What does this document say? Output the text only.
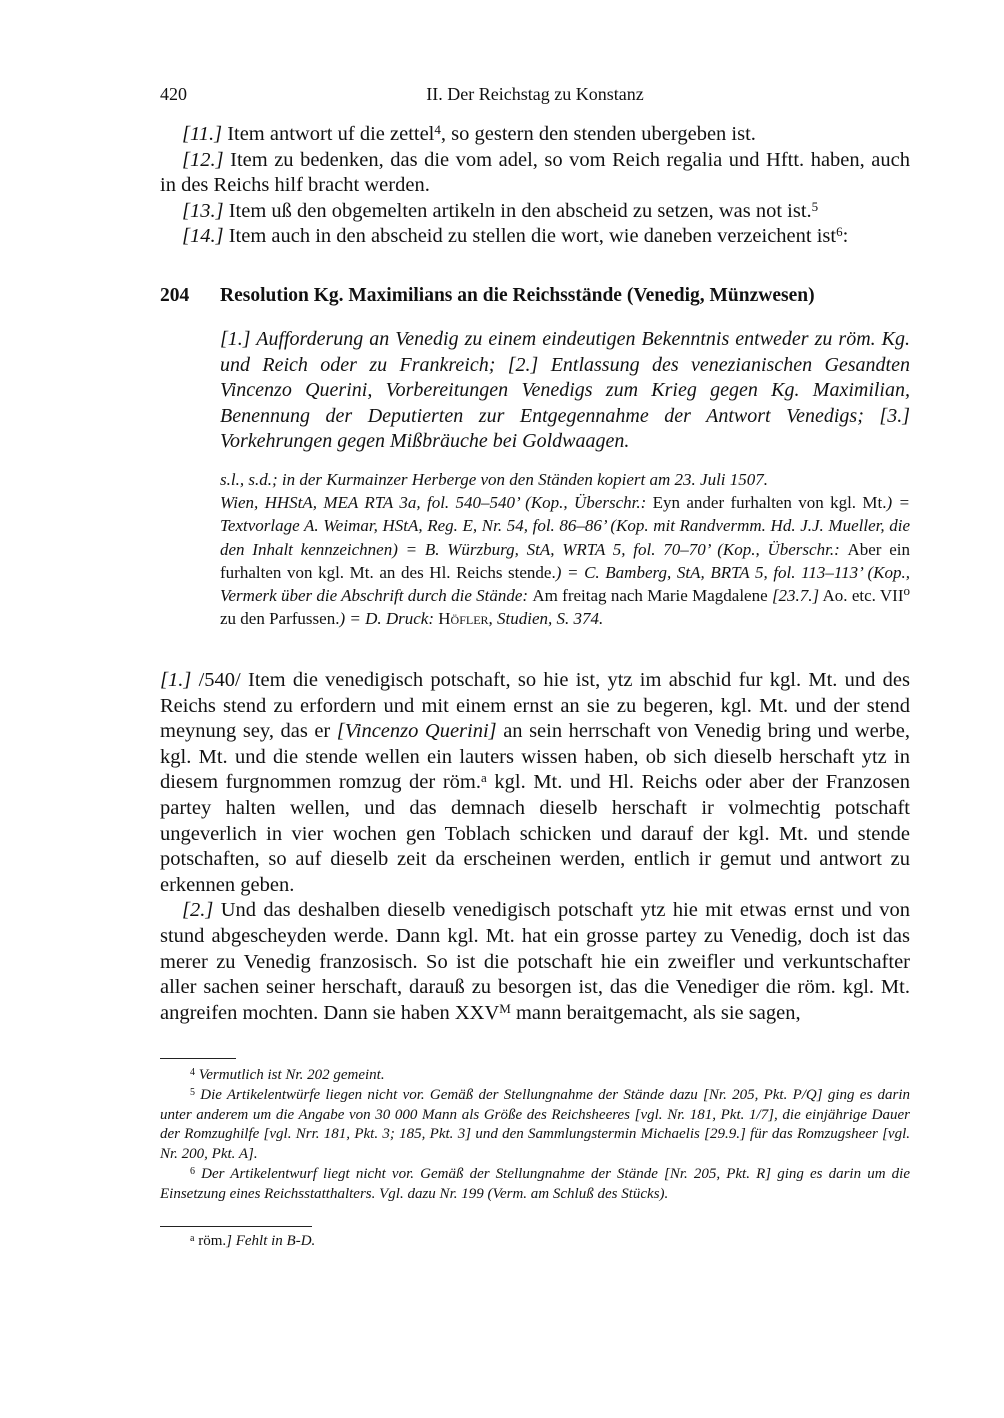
420	II. Der Reichstag zu Konstanz

[11.] Item antwort uf die zettel$^4$, so gestern den stenden ubergeben ist.

[12.] Item zu bedenken, das die vom adel, so vom Reich regalia und Hftt. haben, auch in des Reichs hilf bracht werden.

[13.] Item uß den obgemelten artikeln in den abscheid zu setzen, was not ist.$^5$

[14.] Item auch in den abscheid zu stellen die wort, wie daneben verzeichent ist$^6$:

204 Resolution Kg. Maximilians an die Reichsstände (Venedig, Münzwesen)
[1.] Aufforderung an Venedig zu einem eindeutigen Bekenntnis entweder zu röm. Kg. und Reich oder zu Frankreich; [2.] Entlassung des venezianischen Gesandten Vincenzo Querini, Vorbereitungen Venedigs zum Krieg gegen Kg. Maximilian, Benennung der Deputierten zur Entgegennahme der Antwort Venedigs; [3.] Vorkehrungen gegen Mißbräuche bei Goldwaagen.
s.l., s.d.; in der Kurmainzer Herberge von den Ständen kopiert am 23. Juli 1507.
Wien, HHStA, MEA RTA 3a, fol. 540–540’ (Kop., Überschr.: Eyn ander furhalten von kgl. Mt.) = Textvorlage A. Weimar, HStA, Reg. E, Nr. 54, fol. 86–86’ (Kop. mit Randvermm. Hd. J.J. Mueller, die den Inhalt kennzeichnen) = B. Würzburg, StA, WRTA 5, fol. 70–70’ (Kop., Überschr.: Aber ein furhalten von kgl. Mt. an des Hl. Reichs stende.) = C. Bamberg, StA, BRTA 5, fol. 113–113’ (Kop., Vermerk über die Abschrift durch die Stände: Am freitag nach Marie Magdalene [23.7.] Ao. etc. VII$^o$ zu den Parfussen.) = D. Druck: Höfler, Studien, S. 374.

[1.] /540/ Item die venedigisch potschaft, so hie ist, ytz im abschid fur kgl. Mt. und des Reichs stend zu erfordern und mit einem ernst an sie zu begeren, kgl. Mt. und der stend meynung sey, das er [Vincenzo Querini] an sein herrschaft von Venedig bring und werbe, kgl. Mt. und die stende wellen ein lauters wissen haben, ob sich dieselb herschaft ytz in diesem furgnommen romzug der röm.$^a$ kgl. Mt. und Hl. Reichs oder aber der Franzosen partey halten wellen, und das demnach dieselb herschaft ir volmechtig potschaft ungeverlich in vier wochen gen Toblach schicken und darauf der kgl. Mt. und stende potschaften, so auf dieselb zeit da erscheinen werden, entlich ir gemut und antwort zu erkennen geben.

[2.] Und das deshalben dieselb venedigisch potschaft ytz hie mit etwas ernst und von stund abgescheyden werde. Dann kgl. Mt. hat ein grosse partey zu Venedig, doch ist das merer zu Venedig franzosisch. So ist die potschaft hie ein zweifler und verkuntschafter aller sachen seiner herschaft, darauß zu besorgen ist, das die Venediger die röm. kgl. Mt. angreifen mochten. Dann sie haben $XXV^M$ mann beraitgemacht, als sie sagen,

$^4$ Vermutlich ist Nr. 202 gemeint.

$^5$ Die Artikelentwürfe liegen nicht vor. Gemäß der Stellungnahme der Stände dazu [Nr. 205, Pkt. P/Q] ging es darin unter anderem um die Angabe von 30 000 Mann als Größe des Reichsheeres [vgl. Nr. 181, Pkt. 1/7], die einjährige Dauer der Romzughilfe [vgl. Nrr. 181, Pkt. 3; 185, Pkt. 3] und den Sammlungstermin Michaelis [29.9.] für das Romzugsheer [vgl. Nr. 200, Pkt. A].

$^6$ Der Artikelentwurf liegt nicht vor. Gemäß der Stellungnahme der Stände [Nr. 205, Pkt. R] ging es darin um die Einsetzung eines Reichsstatthalters. Vgl. dazu Nr. 199 (Verm. am Schluß des Stücks).

$^a$ röm.] Fehlt in B-D.
